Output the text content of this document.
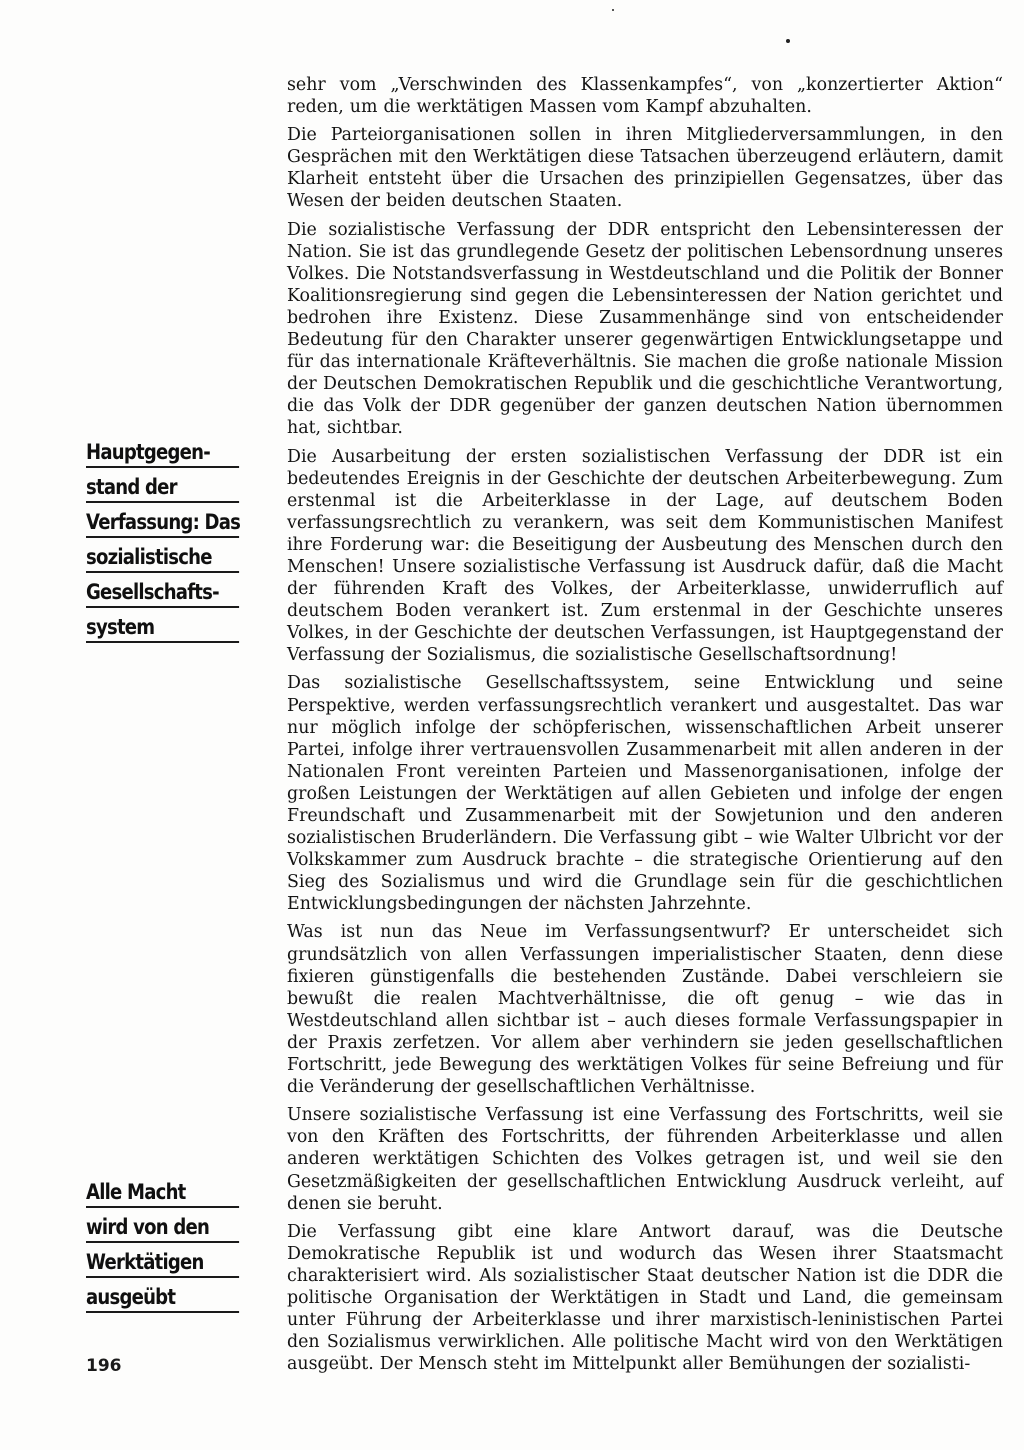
Hauptgegen-
stand der
Verfassung: Das
sozialistische
Gesellschafts-
system
Alle Macht
wird von den
Werktätigen
ausgeübt

sehr vom „Verschwinden des Klassenkampfes“, von „konzertierter Aktion“ reden, um die werktätigen Massen vom Kampf abzuhalten.

Die Parteiorganisationen sollen in ihren Mitgliederversammlungen, in den Gesprächen mit den Werktätigen diese Tatsachen überzeugend erläutern, damit Klarheit entsteht über die Ursachen des prinzipiellen Gegensatzes, über das Wesen der beiden deutschen Staaten.

Die sozialistische Verfassung der DDR entspricht den Lebensinteressen der Nation. Sie ist das grundlegende Gesetz der politischen Lebensordnung unseres Volkes. Die Notstandsverfassung in Westdeutschland und die Politik der Bonner Koalitionsregierung sind gegen die Lebensinteressen der Nation gerichtet und bedrohen ihre Existenz. Diese Zusammenhänge sind von entscheidender Bedeutung für den Charakter unserer gegenwärtigen Entwicklungsetappe und für das internationale Kräfteverhältnis. Sie machen die große nationale Mission der Deutschen Demokratischen Republik und die geschichtliche Verantwortung, die das Volk der DDR gegenüber der ganzen deutschen Nation übernommen hat, sichtbar.

Die Ausarbeitung der ersten sozialistischen Verfassung der DDR ist ein bedeutendes Ereignis in der Geschichte der deutschen Arbeiterbewegung. Zum erstenmal ist die Arbeiterklasse in der Lage, auf deutschem Boden verfassungsrechtlich zu verankern, was seit dem Kommunistischen Manifest ihre Forderung war: die Beseitigung der Ausbeutung des Menschen durch den Menschen! Unsere sozialistische Verfassung ist Ausdruck dafür, daß die Macht der führenden Kraft des Volkes, der Arbeiterklasse, unwiderruflich auf deutschem Boden verankert ist. Zum erstenmal in der Geschichte unseres Volkes, in der Geschichte der deutschen Verfassungen, ist Hauptgegenstand der Verfassung der Sozialismus, die sozialistische Gesellschaftsordnung!

Das sozialistische Gesellschaftssystem, seine Entwicklung und seine Perspektive, werden verfassungsrechtlich verankert und ausgestaltet. Das war nur möglich infolge der schöpferischen, wissenschaftlichen Arbeit unserer Partei, infolge ihrer vertrauensvollen Zusammenarbeit mit allen anderen in der Nationalen Front vereinten Parteien und Massenorganisationen, infolge der großen Leistungen der Werktätigen auf allen Gebieten und infolge der engen Freundschaft und Zusammenarbeit mit der Sowjetunion und den anderen sozialistischen Bruderländern. Die Verfassung gibt – wie Walter Ulbricht vor der Volkskammer zum Ausdruck brachte – die strategische Orientierung auf den Sieg des Sozialismus und wird die Grundlage sein für die geschichtlichen Entwicklungsbedingungen der nächsten Jahrzehnte.

Was ist nun das Neue im Verfassungsentwurf? Er unterscheidet sich grundsätzlich von allen Verfassungen imperialistischer Staaten, denn diese fixieren günstigenfalls die bestehenden Zustände. Dabei verschleiern sie bewußt die realen Machtverhältnisse, die oft genug – wie das in Westdeutschland allen sichtbar ist – auch dieses formale Verfassungspapier in der Praxis zerfetzen. Vor allem aber verhindern sie jeden gesellschaftlichen Fortschritt, jede Bewegung des werktätigen Volkes für seine Befreiung und für die Veränderung der gesellschaftlichen Verhältnisse.

Unsere sozialistische Verfassung ist eine Verfassung des Fortschritts, weil sie von den Kräften des Fortschritts, der führenden Arbeiterklasse und allen anderen werktätigen Schichten des Volkes getragen ist, und weil sie den Gesetzmäßigkeiten der gesellschaftlichen Entwicklung Ausdruck verleiht, auf denen sie beruht.

Die Verfassung gibt eine klare Antwort darauf, was die Deutsche Demokratische Republik ist und wodurch das Wesen ihrer Staatsmacht charakterisiert wird. Als sozialistischer Staat deutscher Nation ist die DDR die politische Organisation der Werktätigen in Stadt und Land, die gemeinsam unter Führung der Arbeiterklasse und ihrer marxistisch-leninistischen Partei den Sozialismus verwirklichen. Alle politische Macht wird von den Werktätigen ausgeübt. Der Mensch steht im Mittelpunkt aller Bemühungen der sozialisti-

196
